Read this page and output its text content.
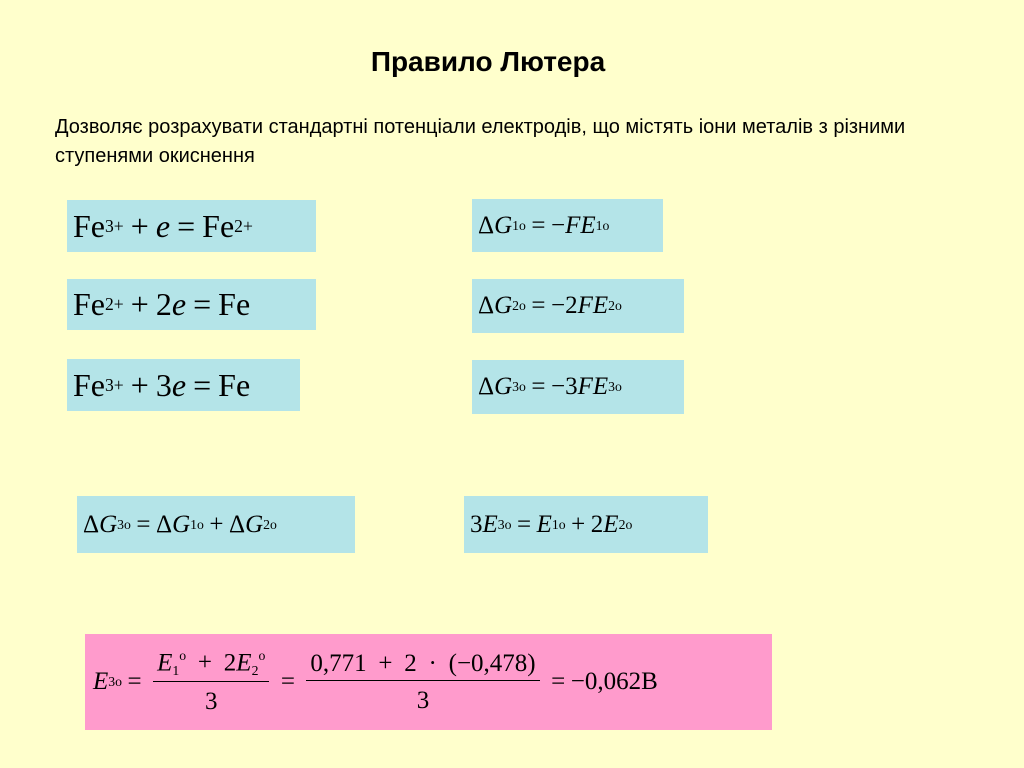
Правило Лютера
Дозволяє розрахувати стандартні потенціали електродів, що містять іони металів з різними ступенями окиснення
Fe 3+ + e = Fe 2+
Fe 2+ + 2 e = Fe
Fe 3+ + 3 e = Fe
Δ G 1 o = − F E 1 o
Δ G 2 o = − 2 F E 2 o
Δ G 3 o = − 3 F E 3 o
Δ G 3 o = Δ G 1 o + Δ G 2 o	3 E 3 o = E 1 o + 2 E 2 o
E 3 $o = \frac{E_1^o + 2E_2^o}{3} = \frac{0,771 + 2 \cdot (-0,478)}{3}$ = − 0,062В
